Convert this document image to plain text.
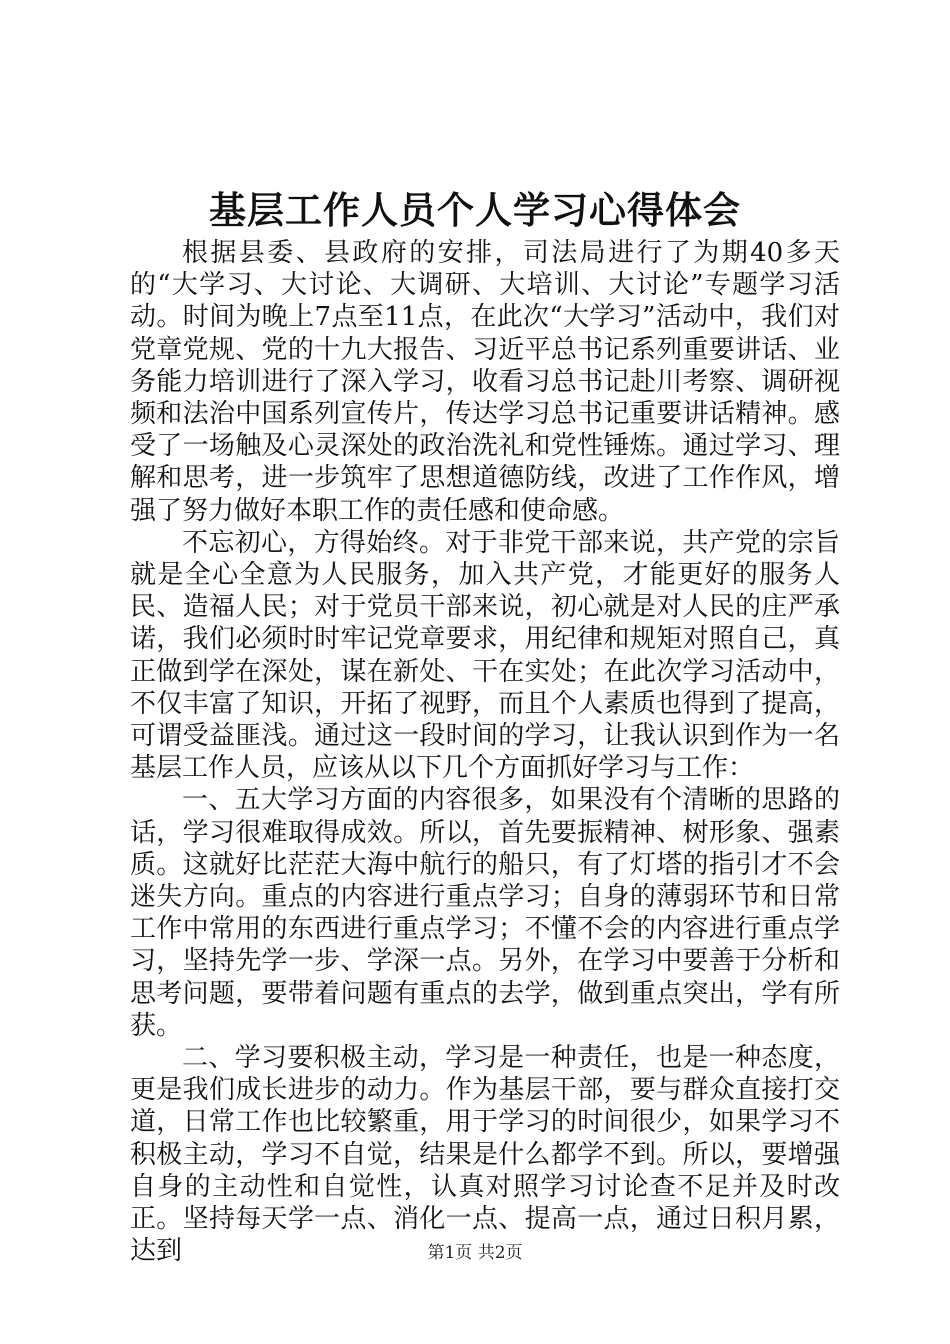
基层工作人员个人学习心得体会

根据县委、县政府的安排，司法局进行了为期40多天的“大学习、大讨论、大调研、大培训、大讨论”专题学习活动。时间为晚上7点至11点，在此次“大学习”活动中，我们对党章党规、党的十九大报告、习近平总书记系列重要讲话、业务能力培训进行了深入学习，收看习总书记赴川考察、调研视频和法治中国系列宣传片，传达学习总书记重要讲话精神。感受了一场触及心灵深处的政治洗礼和党性锤炼。通过学习、理解和思考，进一步筑牢了思想道德防线，改进了工作作风，增强了努力做好本职工作的责任感和使命感。

不忘初心，方得始终。对于非党干部来说，共产党的宗旨就是全心全意为人民服务，加入共产党，才能更好的服务人民、造福人民；对于党员干部来说，初心就是对人民的庄严承诺，我们必须时时牢记党章要求，用纪律和规矩对照自己，真正做到学在深处，谋在新处、干在实处；在此次学习活动中，不仅丰富了知识，开拓了视野，而且个人素质也得到了提高，可谓受益匪浅。通过这一段时间的学习，让我认识到作为一名基层工作人员，应该从以下几个方面抓好学习与工作：

一、五大学习方面的内容很多，如果没有个清晰的思路的话，学习很难取得成效。所以，首先要振精神、树形象、强素质。这就好比茫茫大海中航行的船只，有了灯塔的指引才不会迷失方向。重点的内容进行重点学习；自身的薄弱环节和日常工作中常用的东西进行重点学习；不懂不会的内容进行重点学习，坚持先学一步、学深一点。另外，在学习中要善于分析和思考问题，要带着问题有重点的去学，做到重点突出，学有所获。

二、学习要积极主动，学习是一种责任，也是一种态度，更是我们成长进步的动力。作为基层干部，要与群众直接打交道，日常工作也比较繁重，用于学习的时间很少，如果学习不积极主动，学习不自觉，结果是什么都学不到。所以，要增强自身的主动性和自觉性，认真对照学习讨论查不足并及时改正。坚持每天学一点、消化一点、提高一点，通过日积月累，达到	第1页 共2页
